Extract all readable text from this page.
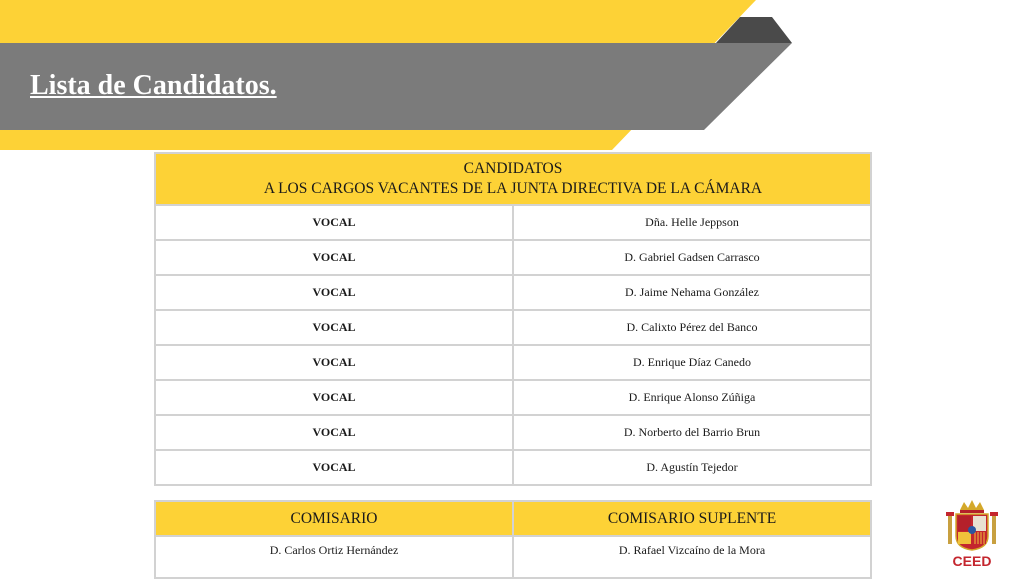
Lista de Candidatos.
CANDIDATOS
A LOS CARGOS VACANTES DE LA JUNTA DIRECTIVA DE LA CÁMARA	

VOCAL	Dña. Helle Jeppson
VOCAL	D. Gabriel Gadsen Carrasco
VOCAL	D. Jaime Nehama González
VOCAL	D. Calixto Pérez del Banco
VOCAL	D. Enrique Díaz Canedo
VOCAL	D. Enrique Alonso Zúñiga
VOCAL	D. Norberto del Barrio Brun
VOCAL	D. Agustín Tejedor
COMISARIO	COMISARIO SUPLENTE
D. Carlos Ortiz Hernández	D. Rafael Vizcaíno de la Mora
CEED
